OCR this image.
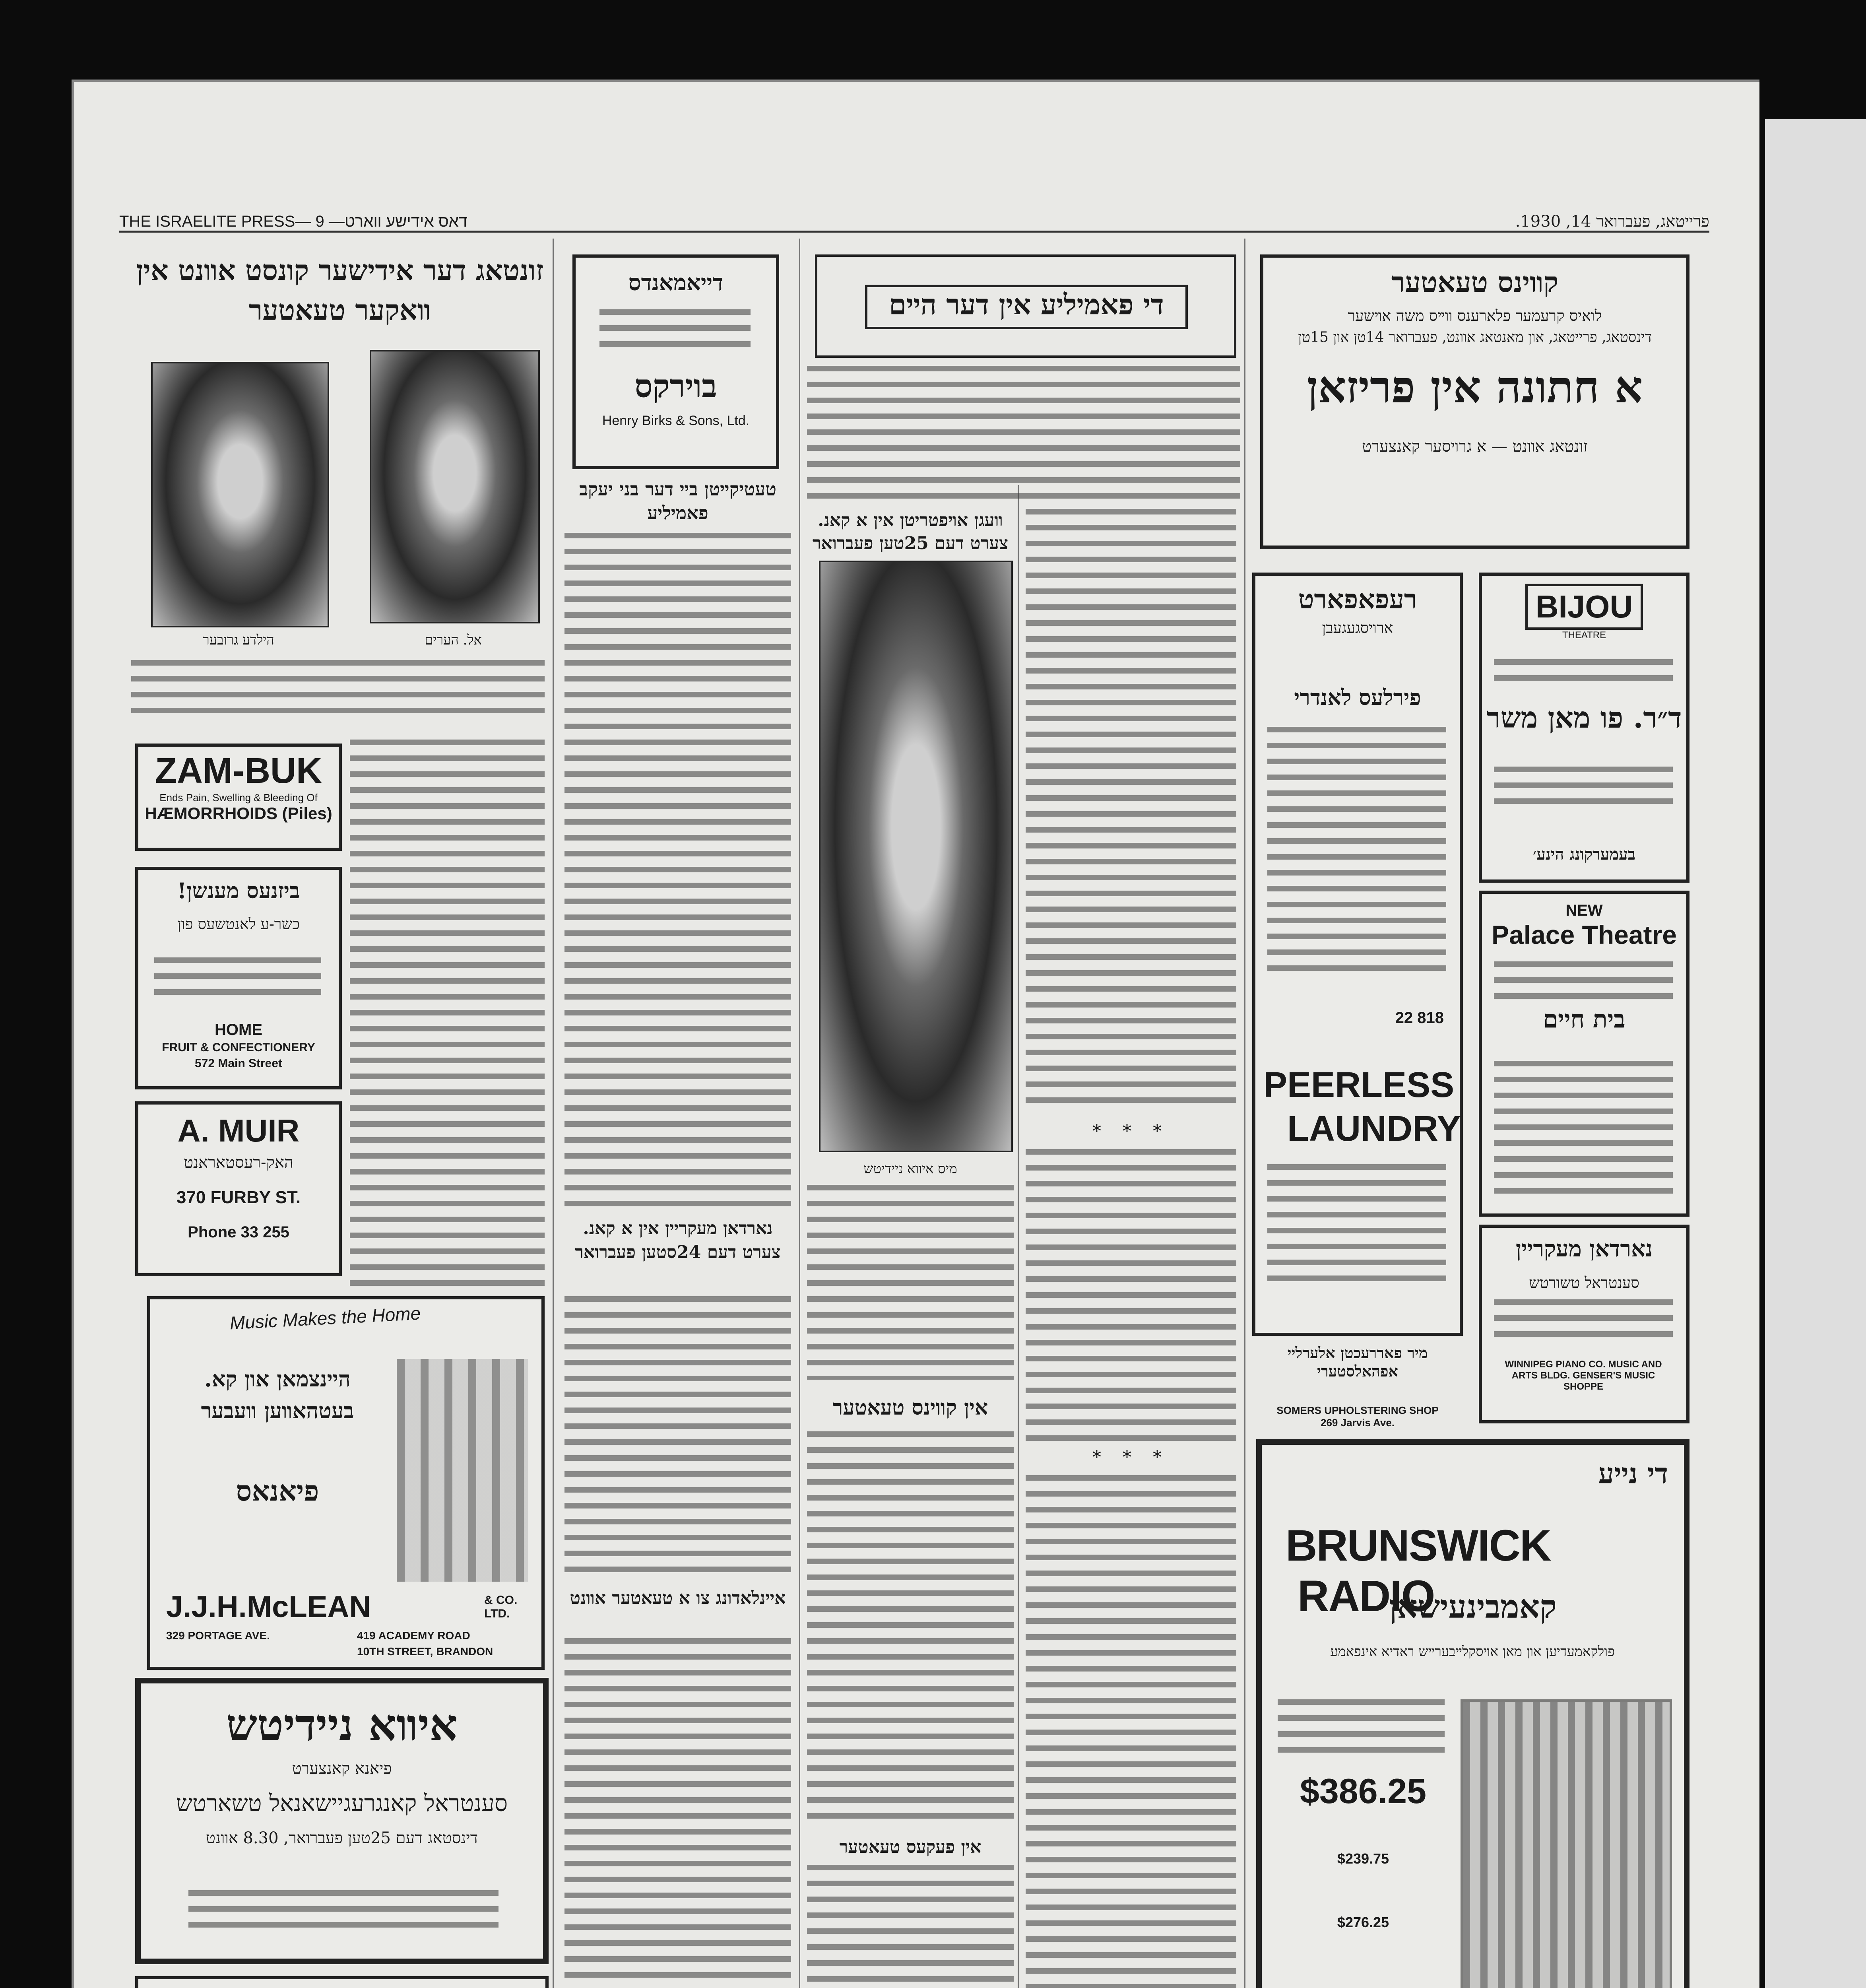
THE ISRAELITE PRESS— 9 —דאס אידישע װארט	פרייטאג, פעברואר 14, 1930.
זונטאג דער אידישער קונסט אװנט אין װאקער טעאטער
הילדע גרובער	אל. הערים
ZAM-BUK
Ends Pain, Swelling & Bleeding Of
HÆMORRHOIDS (Piles)
ביזנעס מענשן!
כשר-ע לאנטשעס פון
HOME
FRUIT & CONFECTIONERY
572 Main Street
A. MUIR
האק-רעסטאראנט
370 FURBY ST.
Phone 33 255
Music Makes the Home
היינצמאן און קא. בעטהאװען װעבער
פיאנאס
J.J.H.McLEAN	& CO. LTD.
329 PORTAGE AVE.	419 ACADEMY ROAD
10TH STREET, BRANDON
איװא ניידיטש
פיאנא קאנצערט
סענטראל קאנגרעגיישאנאל טשארטש
דינסטאג דעם 25טען פעברואר, 8.30 אװנט
דייאמאנדס
בוירקס
Henry Birks & Sons, Ltd.
טעטיקײטן בײ דער בני יעקב פאמיליע
נארדאן מעקריין אין א קאנ. צערט דעם 24סטען פעברואר
איינלאדונג צו א טעאטער אװנט
די פאמיליע אין דער הײם
װעגן אױפטריטן אין א קאנ. צערט דעם 25טען פעברואר
מיס איװא ניידיטש
אין קװינס טעאטער
אין פעקעס טעאטער
* * *
* * *
קװינס טעאטער
לואיס קרעמער פלארענס װײס משה אױשער
דינסטאג, פרייטאג, און מאנטאג אװנט, פעברואר 14טן און 15טן
א חתונה אין פריזאן
זונטאג אװנט — א גרױסער קאנצערט
רעפאפארט
ארויסגעגעבן
פירלעס לאנדרי
22 818
PEERLESS
LAUNDRY
BIJOU
THEATRE
ד״ר. פו מאן משר
בעמערקונג הינע׳
NEW
Palace Theatre
בית חיים
נארדאן מעקריין
סענטראל טשורטש
WINNIPEG PIANO CO. MUSIC AND ARTS BLDG. GENSER'S MUSIC SHOPPE
מיר פאררעכטן אלערליי אפהאלסטערי
SOMERS UPHOLSTERING SHOP
269 Jarvis Ave.
די נייע
BRUNSWICK RADIO
קאמבינעישאן
פולקאמעדיען און מאן אױסקלײבערײש ראדיא אינפאמע
$386.25
$239.75
$276.25
